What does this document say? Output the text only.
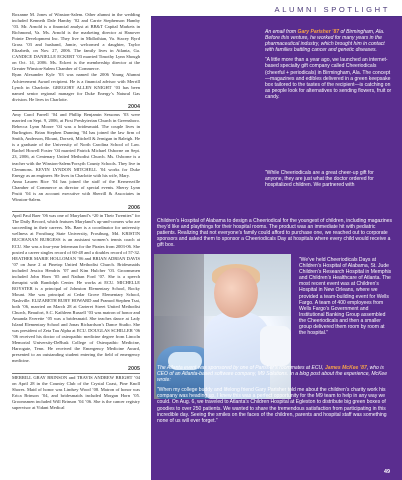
Roxanne M. Jones of Winston-Salem. Other alumni in the wedding included Kenneth Dale Hamby ’02 and Carrie Stephenson Hamby ’03. Mr. Arnold is a financial analyst at BB&T Capital Markets in Richmond, Va. Ms. Arnold is the marketing director at Hanover Pointe Development Inc. They live in Midlothian, Va. Stacey Byrd Grass ’03 and husband, Jamie, welcomed a daughter, Taylor Elizabeth, on Nov. 27, 2006. The family lives in Atlanta, Ga. CANDICE DANIELLE ECKERT ’03 married Timothy Lynn Shough on Oct. 14, 2006. Ms. Eckert is the membership director at the Greater Winston-Salem Chamber of Commerce.

Ryan Alexander Kyle ’03 was named the 2006 Young Alumni Achievement Award recipient. He is a financial advisor with Merrill Lynch in Charlotte. GREGORY ALLEN KNIGHT ’03 has been named senior regional manager for Duke Energy’s Natural Gas division. He lives in Charlotte.

2004

Amy Carol Farrell ’04 and Phillip Benjamin Sessoms ’03 were married on Sept. 9, 2006, at First Presbyterian Church in Greensboro. Rebecca Lynn Moore ’04 was a bridesmaid. The couple lives in Burlington. Brian Stephen Dunning ’04 has joined the law firm of Smith, Anderson, Blount, Dorsett, Mitchell & Jernigan in Raleigh. He is a graduate of the University of North Carolina School of Law. Rachel Howell Foster ’04 married Patrick Michael Osborne on Sept. 23, 2006, at Centenary United Methodist Church. Ms. Osborne is a teacher with the Winston-Salem/Forsyth County Schools. They live in Clemmons. KEVIN LYNDON MITCHELL ’04 works for Duke Energy as an engineer. He lives in Charlotte with his wife, Mary.

Anna Lauren Rice ’04 has joined the staff of the Kernersville Chamber of Commerce as director of special events. Sherry Lynn Pruitt ’04 is an account executive with Sherrill & Associates in Winston-Salem.

2006

April Paul Baer ’06 was one of Maryland’s “20 in Their Twenties” for The Daily Record, which features Maryland’s up-and-comers who are succeeding in their careers. Ms. Baer is a coordinator for university wellness at Frostburg State University, Frostburg, Md. KRISTIN BUCHANAN BURGESS is an assistant women’s tennis coach at ECU. She was a four-year letterman for the Pirates from 2003-06. She posted a career singles record of 60-48 and a doubles record of 57-32. HEATHER MARIE HOLLOMAN ’06 and BRIAN ADRIAN DAVIS ’07 on June 2 at Pinetop United Methodist Church. Bridesmaids included Jessica Hendrix ’07 and Kim Hulcher ’03. Groomsmen included John Horn ’05 and Nathan Ford ’07. She is a speech therapist with Randolph Center. He works at ECU. MICHELLE ROYSTER is a principal of Johnston Elementary School, Rocky Mount. She was principal at Cedar Grove Elementary School, Nashville. ELIZABETH RUBY HOWARD and Pramod Stephen Tsai, both ’06, married on March 28 at Carteret Street United Methodist Church, Beaufort, S.C. Kathleen Russell ’03 was matron of honor and Amanda Everette ’05 was a bridesmaid. She teaches dance at Lady Island Elementary School and Jonas Richardson’s Dance Studio. She was president of Zeta Tau Alpha at ECU. DOUGLAS SCHILLER ’06 ’06 received his doctor of osteopathic medicine degree from Lincoln Memorial University-DeBusk College of Osteopathic Medicine, Harrogate, Tenn. He received the Emergency Medicine Award, presented to an outstanding student entering the field of emergency medicine.

2005

MERRILL GRAY BRINSON and TRAVIS ANDREW BRIGHT ’04 on April 28 in the Country Club of the Crystal Coast, Pine Knoll Shores. Maid of honor was Lindsey Wood ’08. Matron of honor was Erica Brinson ’04, and bridesmaids included Morgan Horn ’05. Groomsmen included Will Brinson ’04 ’06. She is the cancer registry supervisor at Vidant Medical

ALUMNI SPOTLIGHT

An email from Gary Parisher ’87 of Birmingham, Ala. Before this venture, he worked for many years in the pharmaceutical industry, which brought him in contact with families battling cancer and genetic diseases.

“A little more than a year ago, we launched an internet-based specialty gift company called Cheeriodicals (cheerful + periodicals) in Birmingham, Ala. The concept—magazines and edibles delivered in a green keepsake box tailored to the tastes of the recipient—is catching on as people look for alternatives to sending flowers, fruit or candy.

“While Cheeriodicals are a great cheer-up gift for anyone, they are just what the doctor ordered for hospitalized children. We partnered with

Children’s Hospital of Alabama to design a Cheeriodical for the youngest of children, including magazines they’d like and playthings for their hospital rooms. The product was an immediate hit with pediatric patients. Realizing that not everyone’s family could afford to purchase one, we reached out to corporate sponsors and asked them to sponsor a Cheeriodicals Day at hospitals where every child would receive a gift box.

“We’ve held Cheeriodicals Days at Children’s Hospital of Alabama, St. Jude Children’s Research Hospital in Memphis and Children’s Healthcare of Atlanta. The most recent event was at Children’s Hospital in New Orleans, where we provided a team-building event for Wells Fargo. A team of 400 employees from Wells Fargo’s Government and Institutional Banking Group assembled the Cheeriodicals and then a smaller group delivered them room by room at the hospital.”

The Atlanta event was sponsored by one of Parisher’s roommates at ECU, James McKee ’87, who is CEO of an Atlanta-based software company, M9 Solutions. In a blog post about the experience, McKee wrote:

“When my college buddy and lifelong friend Gary Parisher told me about the children’s charity work his company was heading up, I knew this was a perfect opportunity for the M9 team to help in any way we could. On Aug. 6, we traveled to Atlanta’s Children Hospital at Egleston to distribute big green boxes of goodies to over 250 patients. We wanted to share the tremendous satisfaction from participating in this incredible day. Seeing the smiles on the faces of the children, parents and hospital staff was something none of us will ever forget.”

49
